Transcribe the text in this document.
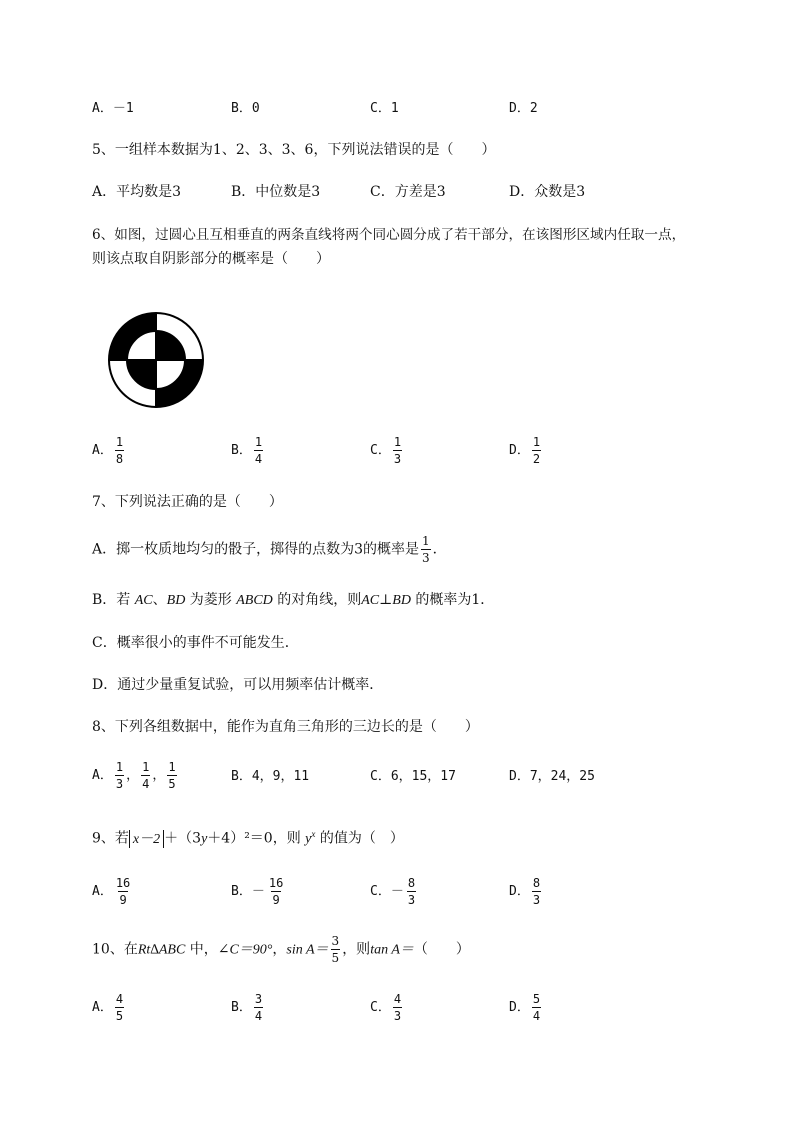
A．－1	B．0	C．1	D．2
5、一组样本数据为1、2、3、3、6，下列说法错误的是（　　）
A．平均数是3	B．中位数是3	C．方差是3	D．众数是3
6、如图，过圆心且互相垂直的两条直线将两个同心圆分成了若干部分，在该图形区域内任取一点，
则该点取自阴影部分的概率是（　　）
A． $\frac{1}{8}$	B． $\frac{1}{4}$	C． $\frac{1}{3}$	D． $\frac{1}{2}$
7、下列说法正确的是（　　）
A．掷一枚质地均匀的骰子，掷得的点数为3的概率是 $\frac{1}{3}$ ．
B．若 AC、BD 为菱形 ABCD 的对角线，则AC⊥BD 的概率为1．
C．概率很小的事件不可能发生．
D．通过少量重复试验，可以用频率估计概率．
8、下列各组数据中，能作为直角三角形的三边长的是（　　）
A． $\frac{1}{3}$ ， $\frac{1}{4}$ ， $\frac{1}{5}$	B．4，9，11	C．6，15，17	D．7，24，25
9、若 x－2 ＋（3y＋4）²＝0，则 $y^x$ 的值为（　）
A． $\frac{16}{9}$	B．－ $\frac{16}{9}$	C．－ $\frac{8}{3}$	D． $\frac{8}{3}$
10、在Rt∆ABC 中，∠C＝90°，$\sin A= \frac{3}{5}$ ，则tan A＝（　　）
A． $\frac{4}{5}$	B． $\frac{3}{4}$	C． $\frac{4}{3}$	D． $\frac{5}{4}$
